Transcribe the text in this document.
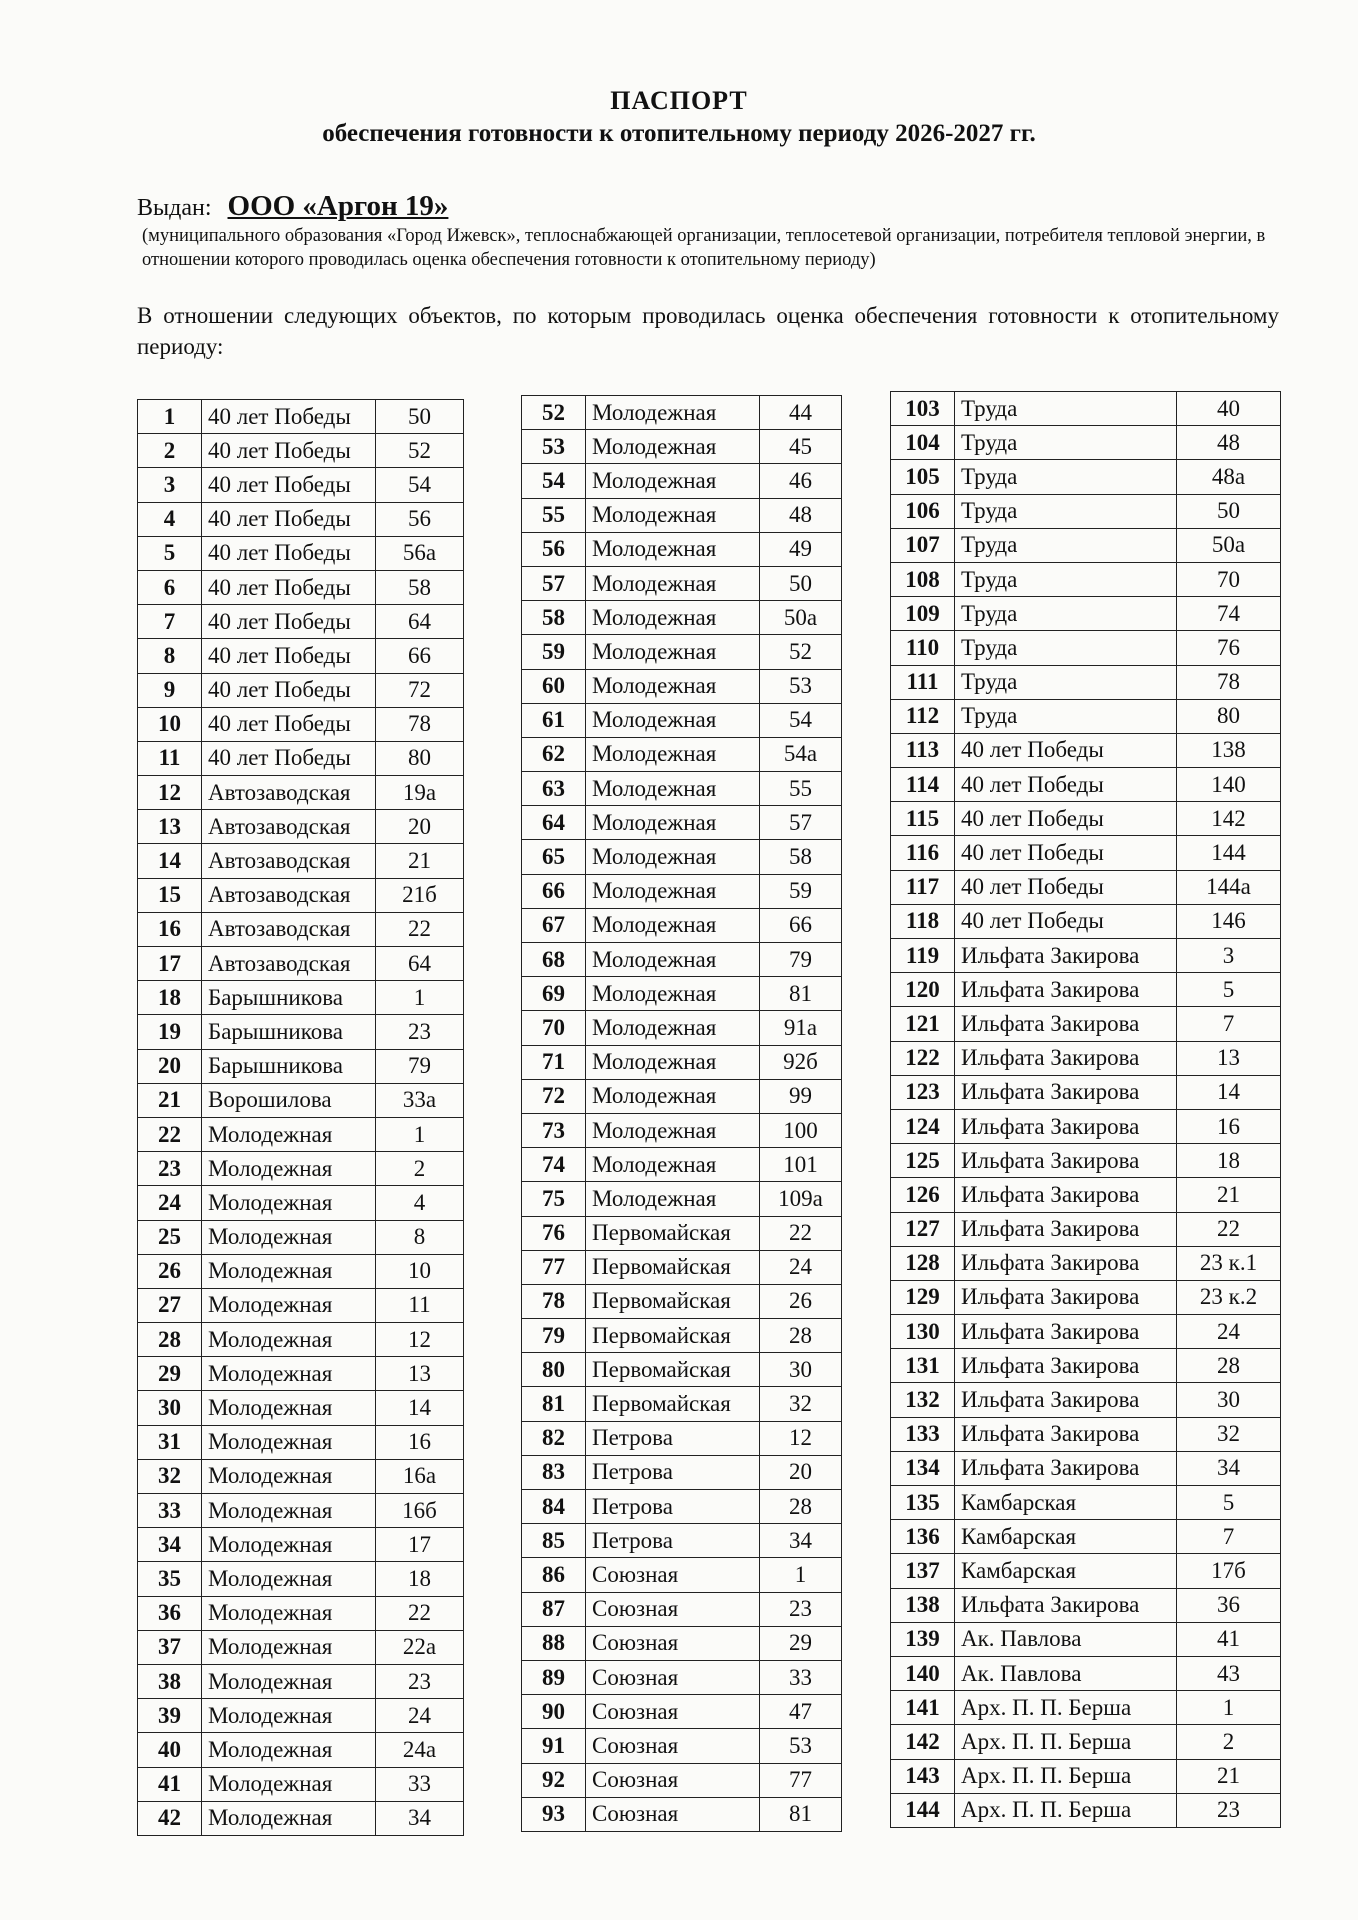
ПАСПОРТ
обеспечения готовности к отопительному периоду 2026-2027 гг.
Выдан: ООО «Аргон 19»
(муниципального образования «Город Ижевск», теплоснабжающей организации, теплосетевой организации, потребителя тепловой энергии, в отношении которого проводилась оценка обеспечения готовности к отопительному периоду)
В отношении следующих объектов, по которым проводилась оценка обеспечения готовности к отопительному периоду:
1	40 лет Победы	50
2	40 лет Победы	52
3	40 лет Победы	54
4	40 лет Победы	56
5	40 лет Победы	56а
6	40 лет Победы	58
7	40 лет Победы	64
8	40 лет Победы	66
9	40 лет Победы	72
10	40 лет Победы	78
11	40 лет Победы	80
12	Автозаводская	19а
13	Автозаводская	20
14	Автозаводская	21
15	Автозаводская	21б
16	Автозаводская	22
17	Автозаводская	64
18	Барышникова	1
19	Барышникова	23
20	Барышникова	79
21	Ворошилова	33а
22	Молодежная	1
23	Молодежная	2
24	Молодежная	4
25	Молодежная	8
26	Молодежная	10
27	Молодежная	11
28	Молодежная	12
29	Молодежная	13
30	Молодежная	14
31	Молодежная	16
32	Молодежная	16а
33	Молодежная	16б
34	Молодежная	17
35	Молодежная	18
36	Молодежная	22
37	Молодежная	22а
38	Молодежная	23
39	Молодежная	24
40	Молодежная	24а
41	Молодежная	33
42	Молодежная	34
52	Молодежная	44
53	Молодежная	45
54	Молодежная	46
55	Молодежная	48
56	Молодежная	49
57	Молодежная	50
58	Молодежная	50а
59	Молодежная	52
60	Молодежная	53
61	Молодежная	54
62	Молодежная	54а
63	Молодежная	55
64	Молодежная	57
65	Молодежная	58
66	Молодежная	59
67	Молодежная	66
68	Молодежная	79
69	Молодежная	81
70	Молодежная	91а
71	Молодежная	92б
72	Молодежная	99
73	Молодежная	100
74	Молодежная	101
75	Молодежная	109а
76	Первомайская	22
77	Первомайская	24
78	Первомайская	26
79	Первомайская	28
80	Первомайская	30
81	Первомайская	32
82	Петрова	12
83	Петрова	20
84	Петрова	28
85	Петрова	34
86	Союзная	1
87	Союзная	23
88	Союзная	29
89	Союзная	33
90	Союзная	47
91	Союзная	53
92	Союзная	77
93	Союзная	81
103	Труда	40
104	Труда	48
105	Труда	48а
106	Труда	50
107	Труда	50а
108	Труда	70
109	Труда	74
110	Труда	76
111	Труда	78
112	Труда	80
113	40 лет Победы	138
114	40 лет Победы	140
115	40 лет Победы	142
116	40 лет Победы	144
117	40 лет Победы	144а
118	40 лет Победы	146
119	Ильфата Закирова	3
120	Ильфата Закирова	5
121	Ильфата Закирова	7
122	Ильфата Закирова	13
123	Ильфата Закирова	14
124	Ильфата Закирова	16
125	Ильфата Закирова	18
126	Ильфата Закирова	21
127	Ильфата Закирова	22
128	Ильфата Закирова	23 к.1
129	Ильфата Закирова	23 к.2
130	Ильфата Закирова	24
131	Ильфата Закирова	28
132	Ильфата Закирова	30
133	Ильфата Закирова	32
134	Ильфата Закирова	34
135	Камбарская	5
136	Камбарская	7
137	Камбарская	17б
138	Ильфата Закирова	36
139	Ак. Павлова	41
140	Ак. Павлова	43
141	Арх. П. П. Берша	1
142	Арх. П. П. Берша	2
143	Арх. П. П. Берша	21
144	Арх. П. П. Берша	23
